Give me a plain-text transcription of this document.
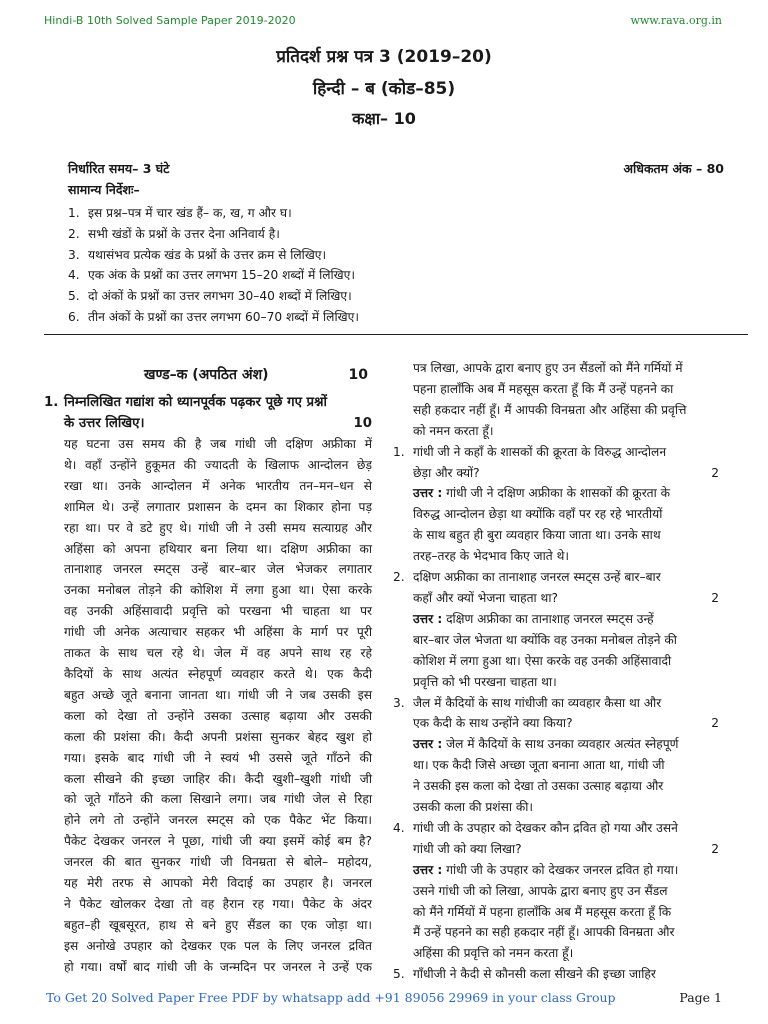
Hindi-B 10th Solved Sample Paper 2019-2020	www.rava.org.in
प्रतिदर्श प्रश्न पत्र 3 (2019–20)
हिन्दी – ब (कोड–85)
कक्षा– 10
निर्धारित समय– 3 घंटे	अधिकतम अंक – 80
सामान्य निर्देशः–
1. इस प्रश्न–पत्र में चार खंड हैं– क, ख, ग और घ।
2. सभी खंडों के प्रश्नों के उत्तर देना अनिवार्य है।
3. यथासंभव प्रत्येक खंड के प्रश्नों के उत्तर क्रम से लिखिए।
4. एक अंक के प्रश्नों का उत्तर लगभग 15–20 शब्दों में लिखिए।
5. दो अंकों के प्रश्नों का उत्तर लगभग 30–40 शब्दों में लिखिए।
6. तीन अंकों के प्रश्नों का उत्तर लगभग 60–70 शब्दों में लिखिए।
खण्ड–क (अपठित अंश)	10
1. निम्नलिखित गद्यांश को ध्यानपूर्वक पढ़कर पूछे गए प्रश्नों
के उत्तर लिखिए।	10
यह घटना उस समय की है जब गांधी जी दक्षिण अफ्रीका में
थे। वहाँ उन्होंने हुकूमत की ज्यादती के खिलाफ आन्दोलन छेड़
रखा था। उनके आन्दोलन में अनेक भारतीय तन–मन–धन से
शामिल थे। उन्हें लगातार प्रशासन के दमन का शिकार होना पड़
रहा था। पर वे डटे हुए थे। गांधी जी ने उसी समय सत्याग्रह और
अहिंसा को अपना हथियार बना लिया था। दक्षिण अफ्रीका का
तानाशाह जनरल स्मट्स उन्हें बार–बार जेल भेजकर लगातार
उनका मनोबल तोड़ने की कोशिश में लगा हुआ था। ऐसा करके
वह उनकी अहिंसावादी प्रवृत्ति को परखना भी चाहता था पर
गांधी जी अनेक अत्याचार सहकर भी अहिंसा के मार्ग पर पूरी
ताकत के साथ चल रहे थे। जेल में वह अपने साथ रह रहे
कैदियों के साथ अत्यंत स्नेहपूर्ण व्यवहार करते थे। एक कैदी
बहुत अच्छे जूते बनाना जानता था। गांधी जी ने जब उसकी इस
कला को देखा तो उन्होंने उसका उत्साह बढ़ाया और उसकी
कला की प्रशंसा की। कैदी अपनी प्रशंसा सुनकर बेहद खुश हो
गया। इसके बाद गांधी जी ने स्वयं भी उससे जूते गाँठने की
कला सीखने की इच्छा जाहिर की। कैदी खुशी–खुशी गांधी जी
को जूते गाँठने की कला सिखाने लगा। जब गांधी जेल से रिहा
होने लगे तो उन्होंने जनरल स्मट्स को एक पैकेट भेंट किया।
पैकेट देखकर जनरल ने पूछा, गांधी जी क्या इसमें कोई बम है?
जनरल की बात सुनकर गांधी जी विनम्रता से बोले– महोदय,
यह मेरी तरफ से आपको मेरी विदाई का उपहार है। जनरल
ने पैकेट खोलकर देखा तो वह हैरान रह गया। पैकेट के अंदर
बहुत–ही खूबसूरत, हाथ से बने हुए सैंडल का एक जोड़ा था।
इस अनोखे उपहार को देखकर एक पल के लिए जनरल द्रवित
हो गया। वर्षों बाद गांधी जी के जन्मदिन पर जनरल ने उन्हें एक
पत्र लिखा, आपके द्वारा बनाए हुए उन सैंडलों को मैंने गर्मियों में
पहना हालाँकि अब मैं महसूस करता हूँ कि मैं उन्हें पहनने का
सही हकदार नहीं हूँ। मैं आपकी विनम्रता और अहिंसा की प्रवृत्ति
को नमन करता हूँ।
1. गांधी जी ने कहाँ के शासकों की क्रूरता के विरुद्ध आन्दोलन
छेड़ा और क्यों?	2
उत्तर : गांधी जी ने दक्षिण अफ्रीका के शासकों की क्रूरता के
विरुद्ध आन्दोलन छेड़ा था क्योंकि वहाँ पर रह रहे भारतीयों
के साथ बहुत ही बुरा व्यवहार किया जाता था। उनके साथ
तरह–तरह के भेदभाव किए जाते थे।
2. दक्षिण अफ्रीका का तानाशाह जनरल स्मट्स उन्हें बार–बार
कहाँ और क्यों भेजना चाहता था?	2
उत्तर : दक्षिण अफ्रीका का तानाशाह जनरल स्मट्स उन्हें
बार–बार जेल भेजता था क्योंकि वह उनका मनोबल तोड़ने की
कोशिश में लगा हुआ था। ऐसा करके वह उनकी अहिंसावादी
प्रवृत्ति को भी परखना चाहता था।
3. जैल में कैदियों के साथ गांधीजी का व्यवहार कैसा था और
एक कैदी के साथ उन्होंने क्या किया?	2
उत्तर : जेल में कैदियों के साथ उनका व्यवहार अत्यंत स्नेहपूर्ण
था। एक कैदी जिसे अच्छा जूता बनाना आता था, गांधी जी
ने उसकी इस कला को देखा तो उसका उत्साह बढ़ाया और
उसकी कला की प्रशंसा की।
4. गांधी जी के उपहार को देखकर कौन द्रवित हो गया और उसने
गांधी जी को क्या लिखा?	2
उत्तर : गांधी जी के उपहार को देखकर जनरल द्रवित हो गया।
उसने गांधी जी को लिखा, आपके द्वारा बनाए हुए उन सैंडल
को मैंने गर्मियों में पहना हालाँकि अब मैं महसूस करता हूँ कि
मैं उन्हें पहनने का सही हकदार नहीं हूँ। आपकी विनम्रता और
अहिंसा की प्रवृत्ति को नमन करता हूँ।
5. गाँधीजी ने कैदी से कौनसी कला सीखने की इच्छा जाहिर
To Get 20 Solved Paper Free PDF by whatsapp add +91 89056 29969 in your class Group	Page 1
